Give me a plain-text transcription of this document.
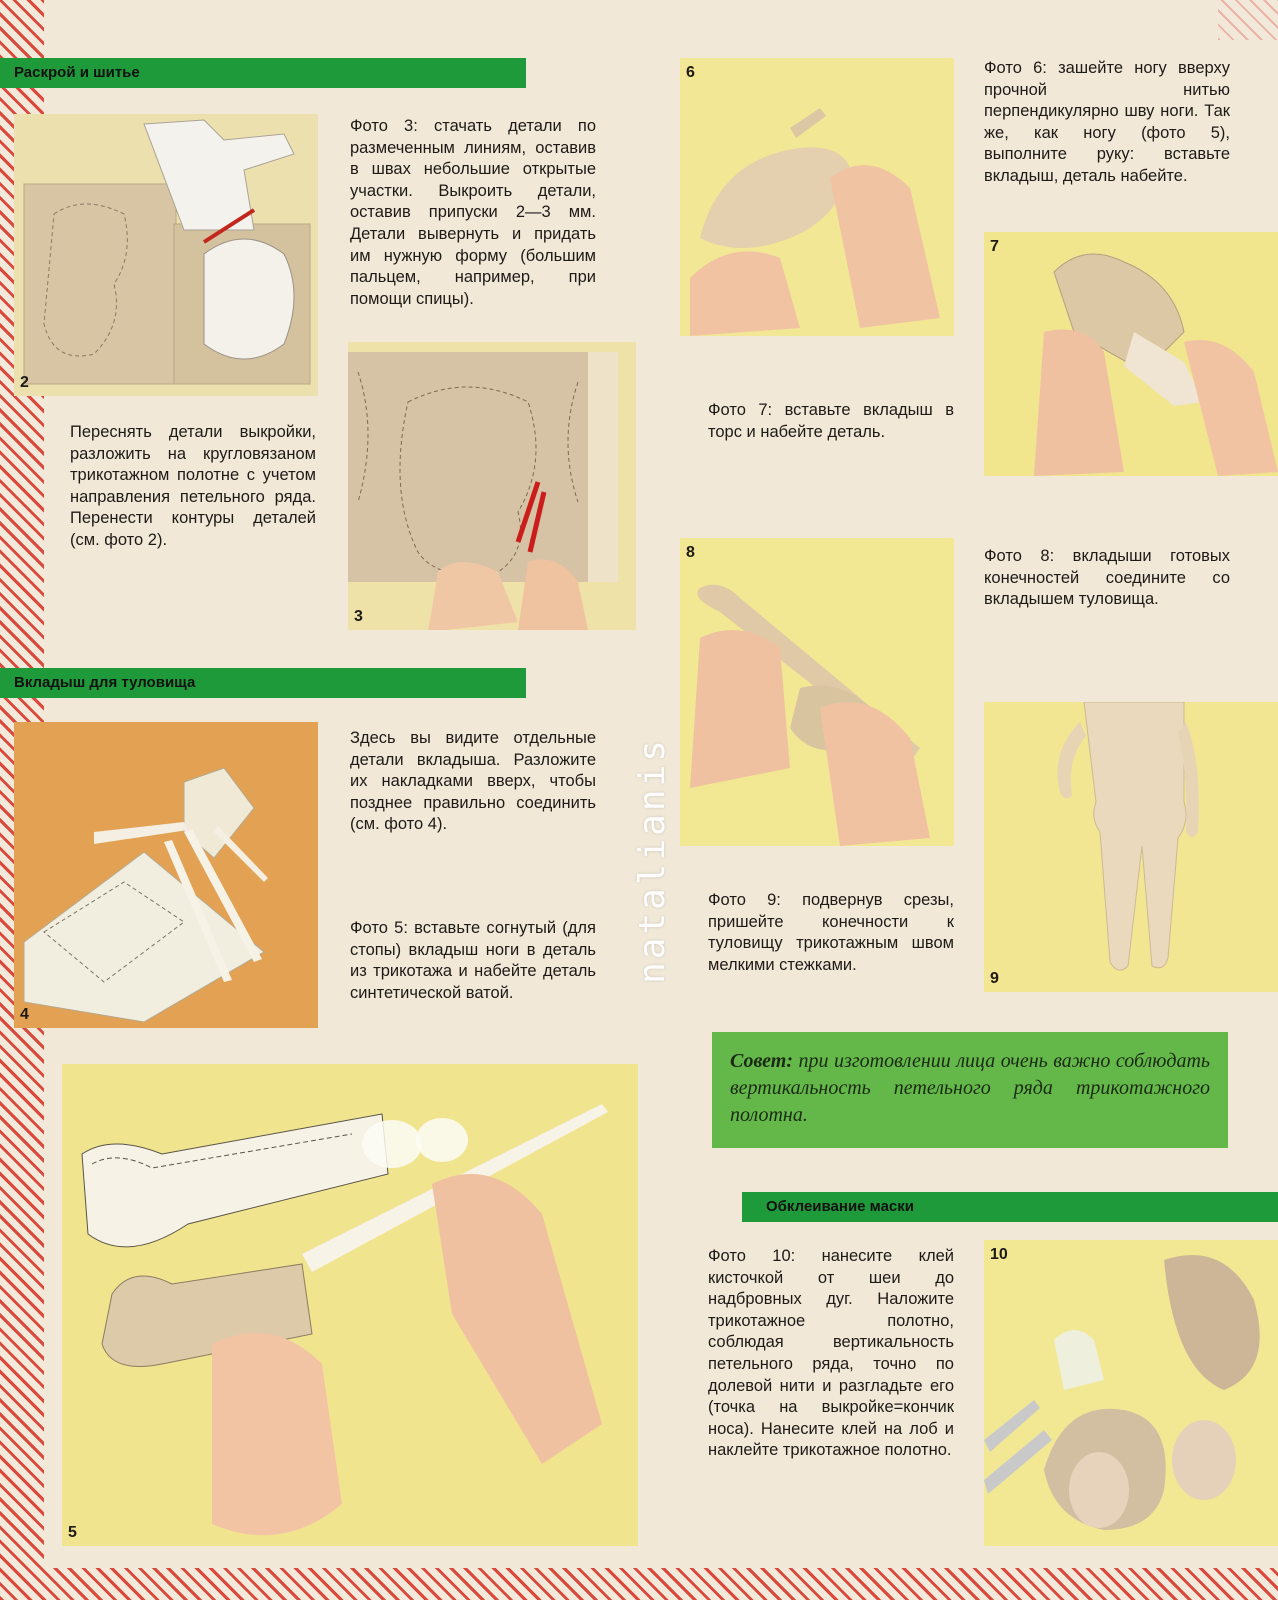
Раскрой и шитье
Вкладыш для туловища
Обклеивание маски
2
3
4
5
6
7
8
9
10

Переснять детали выкройки, разложить на кругловязаном трикотажном полотне с учетом направления петельного ряда. Перенести контуры деталей (см. фото 2).

Фото 3: стачать детали по размеченным линиям, оставив в швах небольшие открытые участки. Выкроить детали, оставив припуски 2—3 мм. Детали вывернуть и придать им нужную форму (большим пальцем, например, при помощи спицы).

Здесь вы видите отдельные детали вкладыша. Разложите их накладками вверх, чтобы позднее правильно соединить (см. фото 4).

Фото 5: вставьте согнутый (для стопы) вкладыш ноги в деталь из трикотажа и набейте деталь синтетической ватой.

Фото 6: зашейте ногу вверху прочной нитью перпендикулярно шву ноги. Так же, как ногу (фото 5), выполните руку: вставьте вкладыш, деталь набейте.

Фото 7: вставьте вкладыш в торс и набейте деталь.

Фото 8: вкладыши готовых конечностей соедините со вкладышем туловища.

Фото 9: подвернув срезы, пришейте конечности к туловищу трикотажным швом мелкими стежками.

Фото 10: нанесите клей кисточкой от шеи до надбровных дуг. Наложите трикотажное полотно, соблюдая вертикальность петельного ряда, точно по долевой нити и разгладьте его (точка на выкройке=кончик носа). Нанесите клей на лоб и наклейте трикотажное полотно.

Совет: при изготовлении лица очень важно соблюдать вертикальность петельного ряда трикотажного полотна.
natalianis
